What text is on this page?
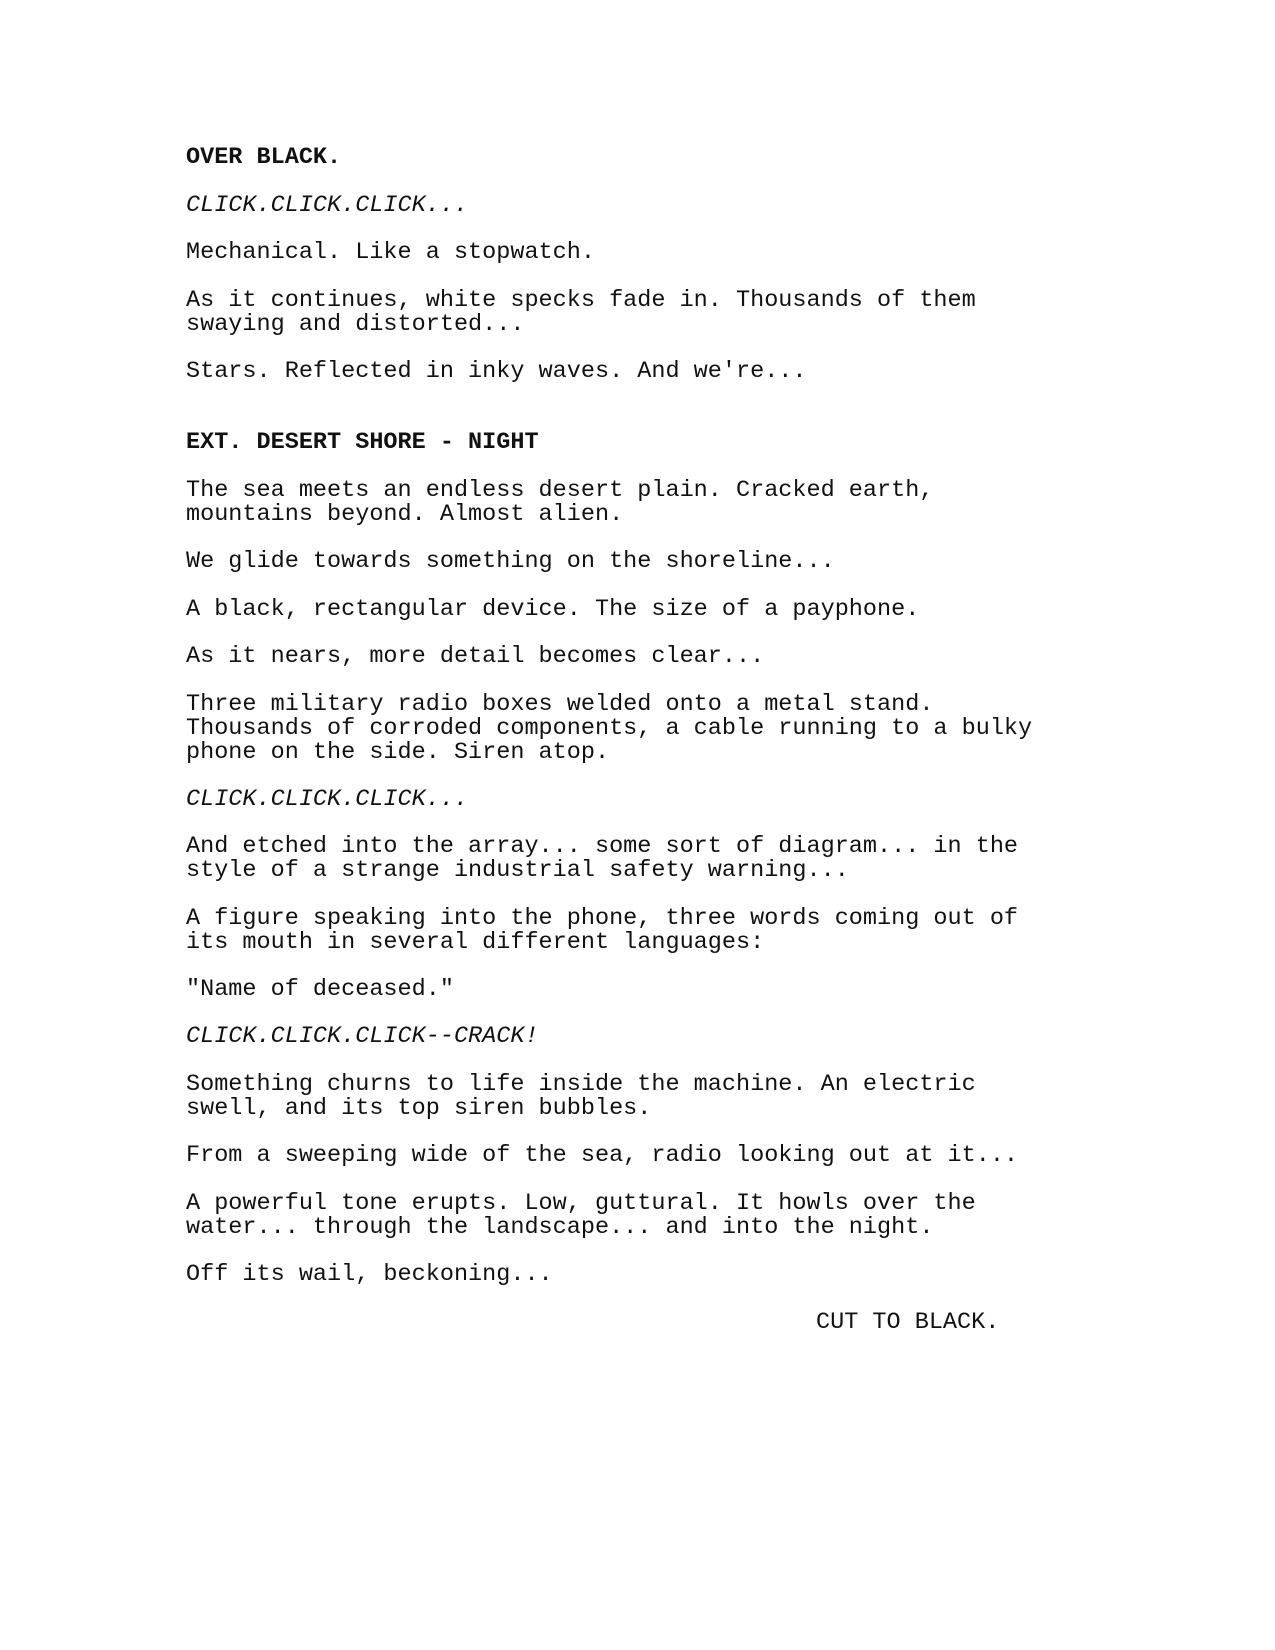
OVER BLACK.

CLICK.CLICK.CLICK...

Mechanical. Like a stopwatch.

As it continues, white specks fade in. Thousands of them
swaying and distorted...

Stars. Reflected in inky waves. And we're...

EXT. DESERT SHORE - NIGHT

The sea meets an endless desert plain. Cracked earth,
mountains beyond. Almost alien.

We glide towards something on the shoreline...

A black, rectangular device. The size of a payphone.

As it nears, more detail becomes clear...

Three military radio boxes welded onto a metal stand.
Thousands of corroded components, a cable running to a bulky
phone on the side. Siren atop.

CLICK.CLICK.CLICK...

And etched into the array... some sort of diagram... in the
style of a strange industrial safety warning...

A figure speaking into the phone, three words coming out of
its mouth in several different languages:

"Name of deceased."

CLICK.CLICK.CLICK--CRACK!

Something churns to life inside the machine. An electric
swell, and its top siren bubbles.

From a sweeping wide of the sea, radio looking out at it...

A powerful tone erupts. Low, guttural. It howls over the
water... through the landscape... and into the night.

Off its wail, beckoning...

CUT TO BLACK.
